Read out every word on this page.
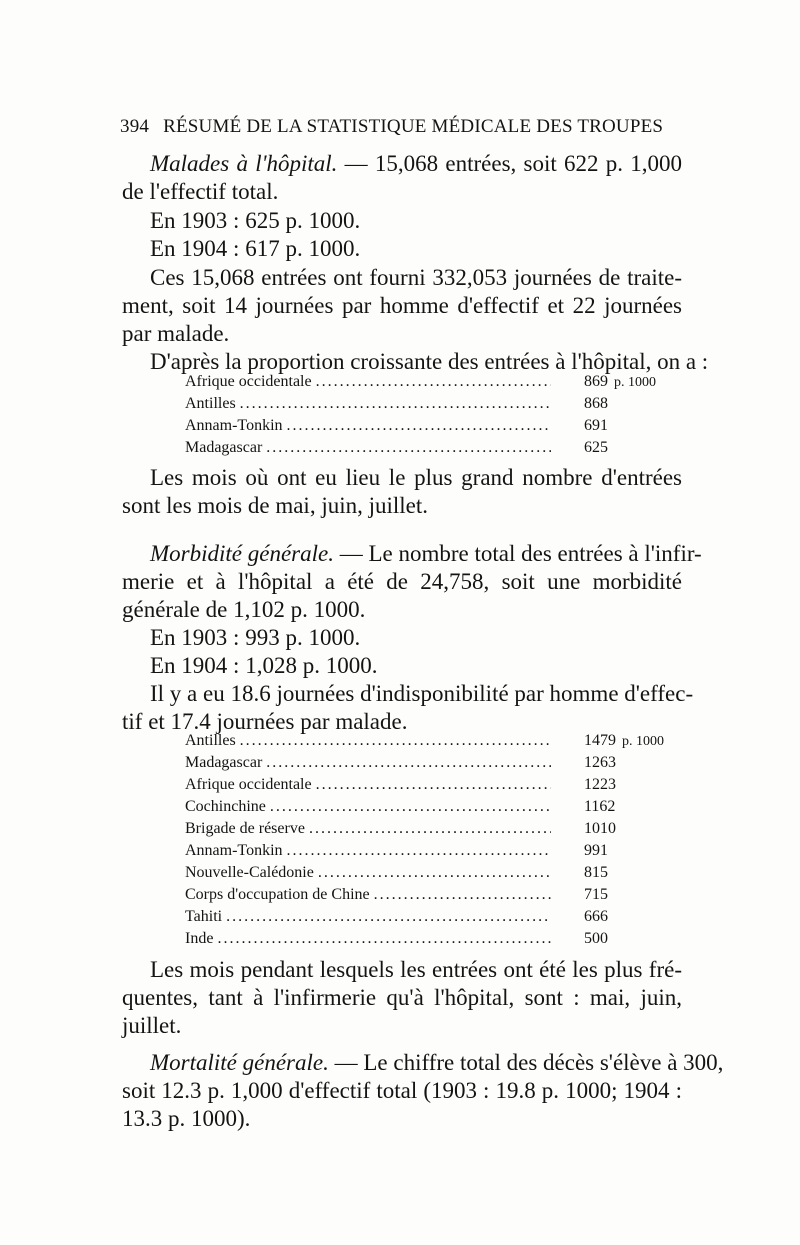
394 RÉSUMÉ DE LA STATISTIQUE MÉDICALE DES TROUPES
Malades à l'hôpital. — 15,068 entrées, soit 622 p. 1,000
de l'effectif total.
En 1903 : 625 p. 1000.
En 1904 : 617 p. 1000.
Ces 15,068 entrées ont fourni 332,053 journées de traite-
ment, soit 14 journées par homme d'effectif et 22 journées
par malade.
D'après la proportion croissante des entrées à l'hôpital, on a :
Afrique occidentale .....	869 p. 1000
Antilles .....	868
Annam-Tonkin .....	691
Madagascar .....	625
Les mois où ont eu lieu le plus grand nombre d'entrées
sont les mois de mai, juin, juillet.
Morbidité générale. — Le nombre total des entrées à l'infir-
merie et à l'hôpital a été de 24,758, soit une morbidité
générale de 1,102 p. 1000.
En 1903 : 993 p. 1000.
En 1904 : 1,028 p. 1000.
Il y a eu 18.6 journées d'indisponibilité par homme d'effec-
tif et 17.4 journées par malade.
Antilles .....	1479 p. 1000
Madagascar .....	1263
Afrique occidentale .....	1223
Cochinchine .....	1162
Brigade de réserve .....	1010
Annam-Tonkin .....	991
Nouvelle-Calédonie .....	815
Corps d'occupation de Chine .....	715
Tahiti .....	666
Inde .....	500
Les mois pendant lesquels les entrées ont été les plus fré-
quentes, tant à l'infirmerie qu'à l'hôpital, sont : mai, juin,
juillet.
Mortalité générale. — Le chiffre total des décès s'élève à 300,
soit 12.3 p. 1,000 d'effectif total (1903 : 19.8 p. 1000; 1904 :
13.3 p. 1000).
